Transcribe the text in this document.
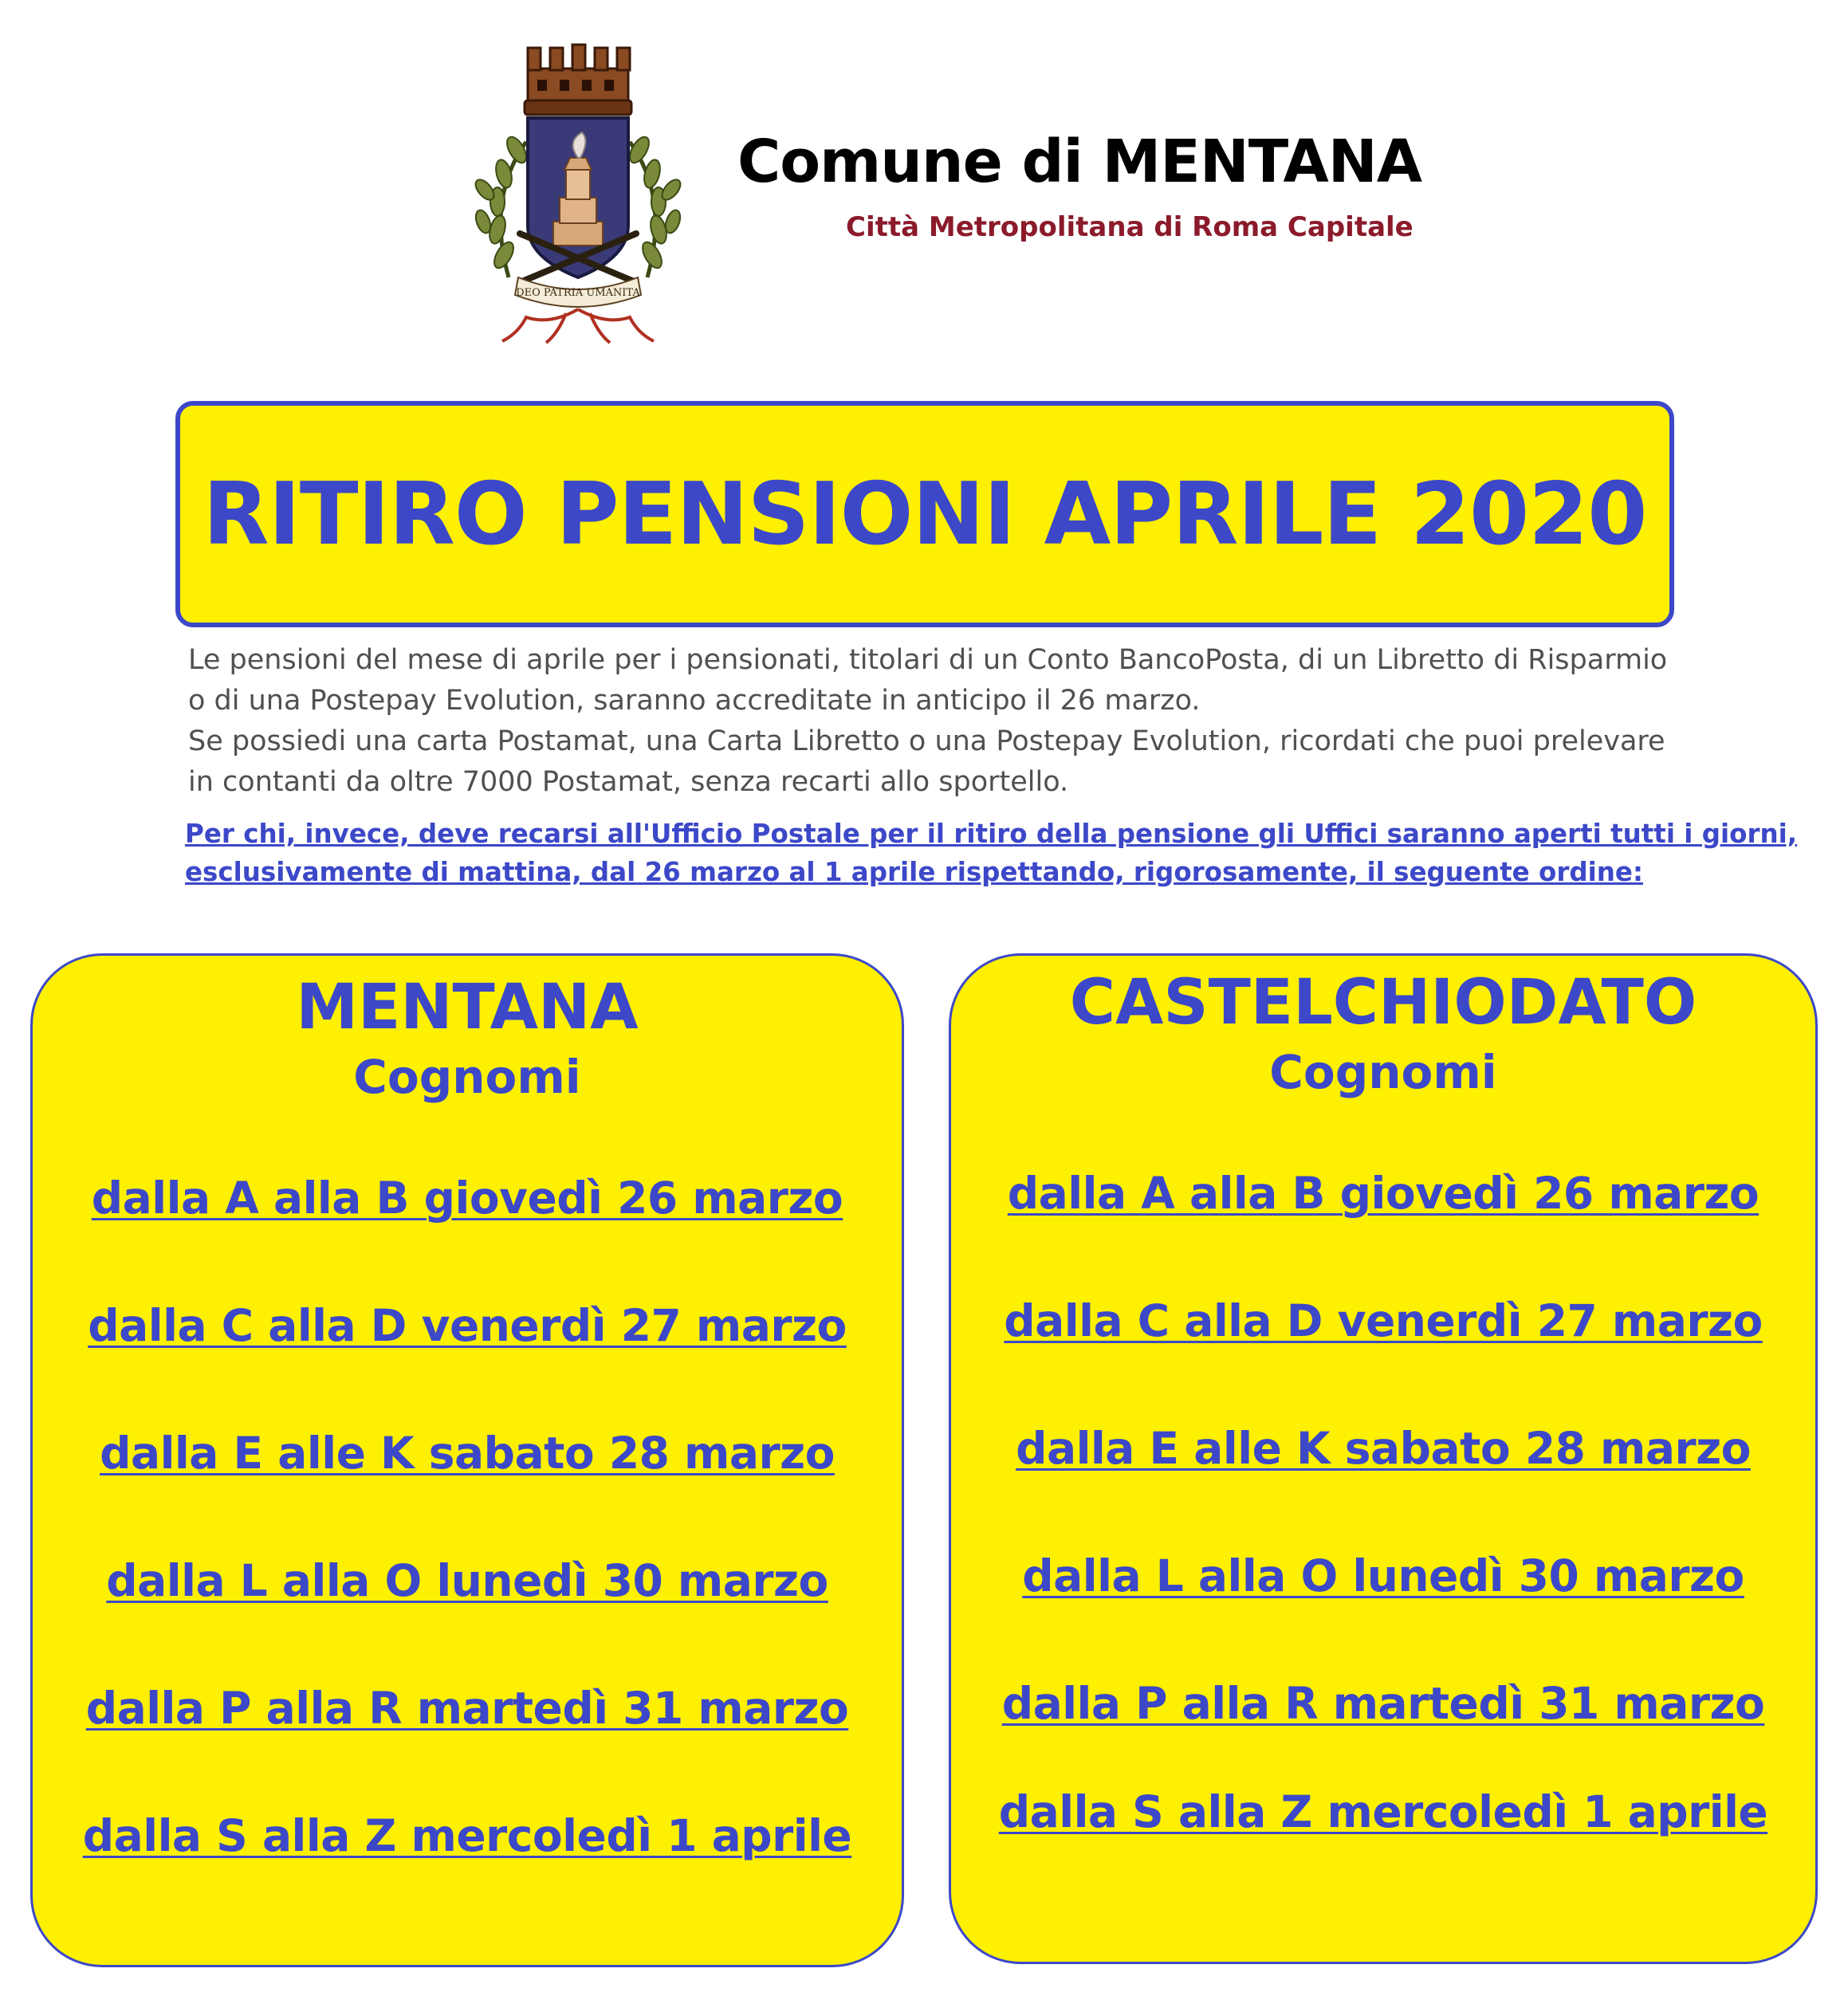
DEO PATRIA UMANITA
Comune di MENTANA
Città Metropolitana di Roma Capitale
RITIRO PENSIONI APRILE 2020

Le pensioni del mese di aprile per i pensionati, titolari di un Conto BancoPosta, di un Libretto di Risparmio

o di una Postepay Evolution, saranno accreditate in anticipo il 26 marzo.

Se possiedi una carta Postamat, una Carta Libretto o una Postepay Evolution, ricordati che puoi prelevare

in contanti da oltre 7000 Postamat, senza recarti allo sportello.

Per chi, invece, deve recarsi all'Ufficio Postale per il ritiro della pensione gli Uffici saranno aperti tutti i giorni,
esclusivamente di mattina, dal 26 marzo al 1 aprile rispettando, rigorosamente, il seguente ordine:
MENTANA
Cognomi
dalla A alla B giovedì 26 marzo
dalla C alla D venerdì 27 marzo
dalla E alle K sabato 28 marzo
dalla L alla O lunedì 30 marzo
dalla P alla R martedì 31 marzo
dalla S alla Z mercoledì 1 aprile
CASTELCHIODATO
Cognomi
dalla A alla B giovedì 26 marzo
dalla C alla D venerdì 27 marzo
dalla E alle K sabato 28 marzo
dalla L alla O lunedì 30 marzo
dalla P alla R martedì 31 marzo
dalla S alla Z mercoledì 1 aprile
